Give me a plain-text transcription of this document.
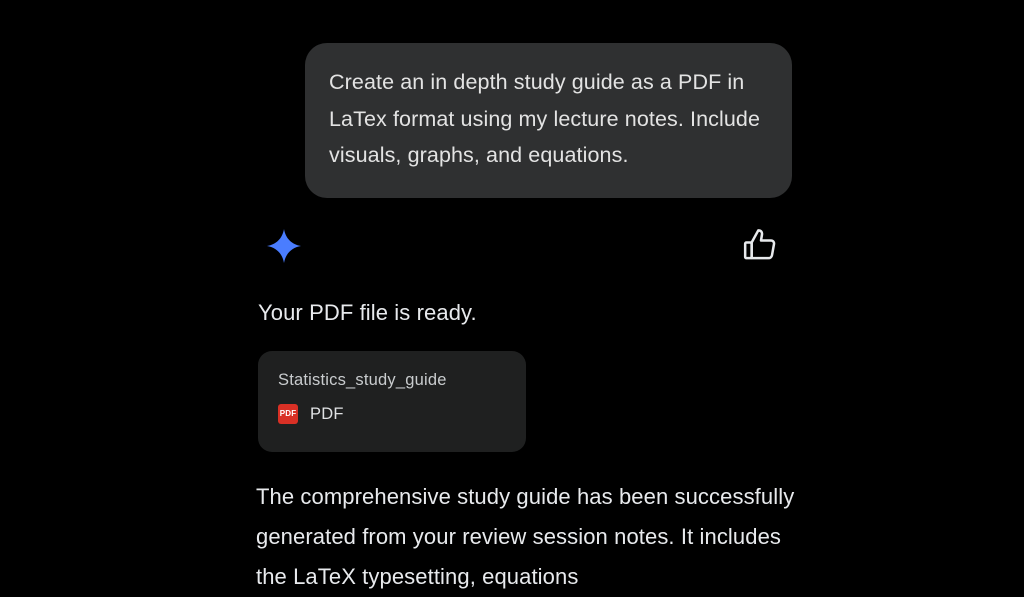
Create an in depth study guide as a PDF in LaTex format using my lecture notes. Include visuals, graphs, and equations.
Your PDF file is ready.
Statistics_study_guide
PDF PDF
The comprehensive study guide has been successfully generated from your review session notes. It includes the LaTeX typesetting, equations
